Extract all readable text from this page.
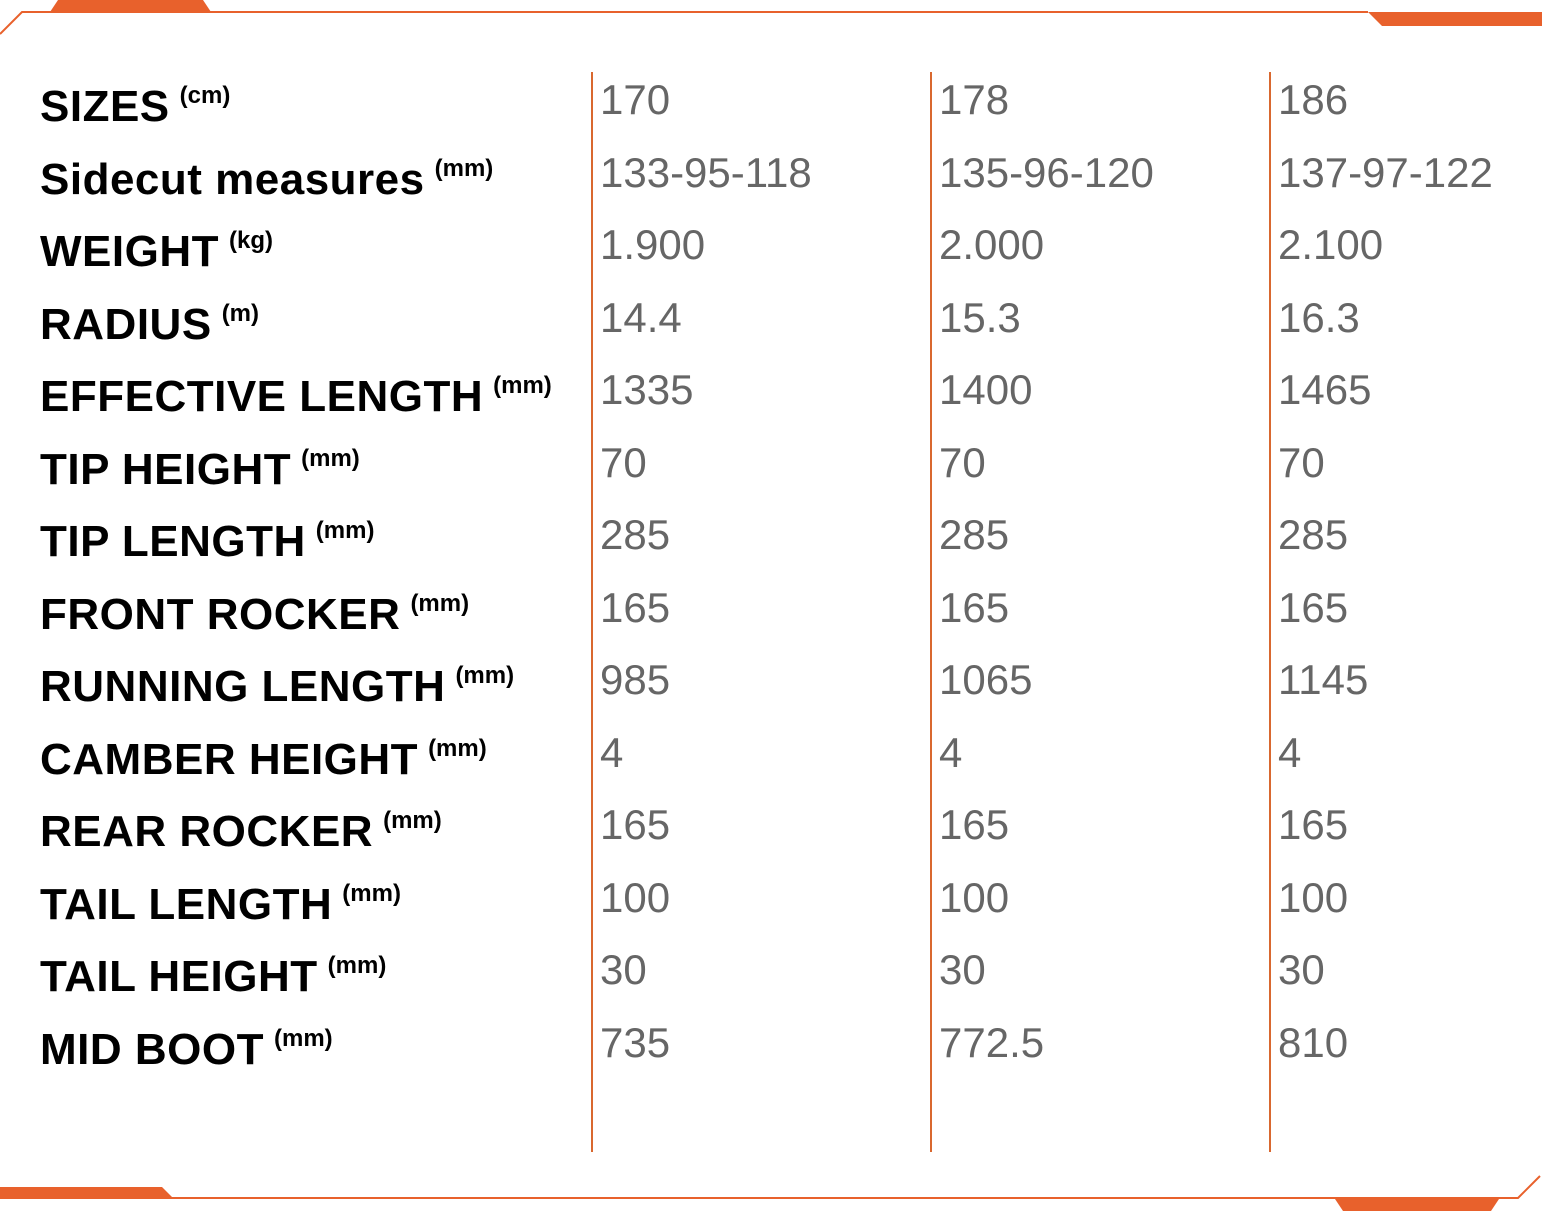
SIZES $^{(cm)}$	170	178	186
Sidecut measures $^{(mm)}$	133-95-118	135-96-120	137-97-122
WEIGHT $^{(kg)}$	1.900	2.000	2.100
RADIUS $^{(m)}$	14.4	15.3	16.3
EFFECTIVE LENGTH $^{(mm)}$ 1335	1400	1465
TIP HEIGHT $^{(mm)}$	70	70	70
TIP LENGTH $^{(mm)}$	285	285	285
FRONT ROCKER $^{(mm)}$	165	165	165
RUNNING LENGTH $^{(mm)}$ 985	1065	1145
CAMBER HEIGHT $^{(mm)}$	4	4	4
REAR ROCKER $^{(mm)}$	165	165	165
TAIL LENGTH $^{(mm)}$	100	100	100
TAIL HEIGHT $^{(mm)}$	30	30	30
MID BOOT $^{(mm)}$	735	772.5	810
